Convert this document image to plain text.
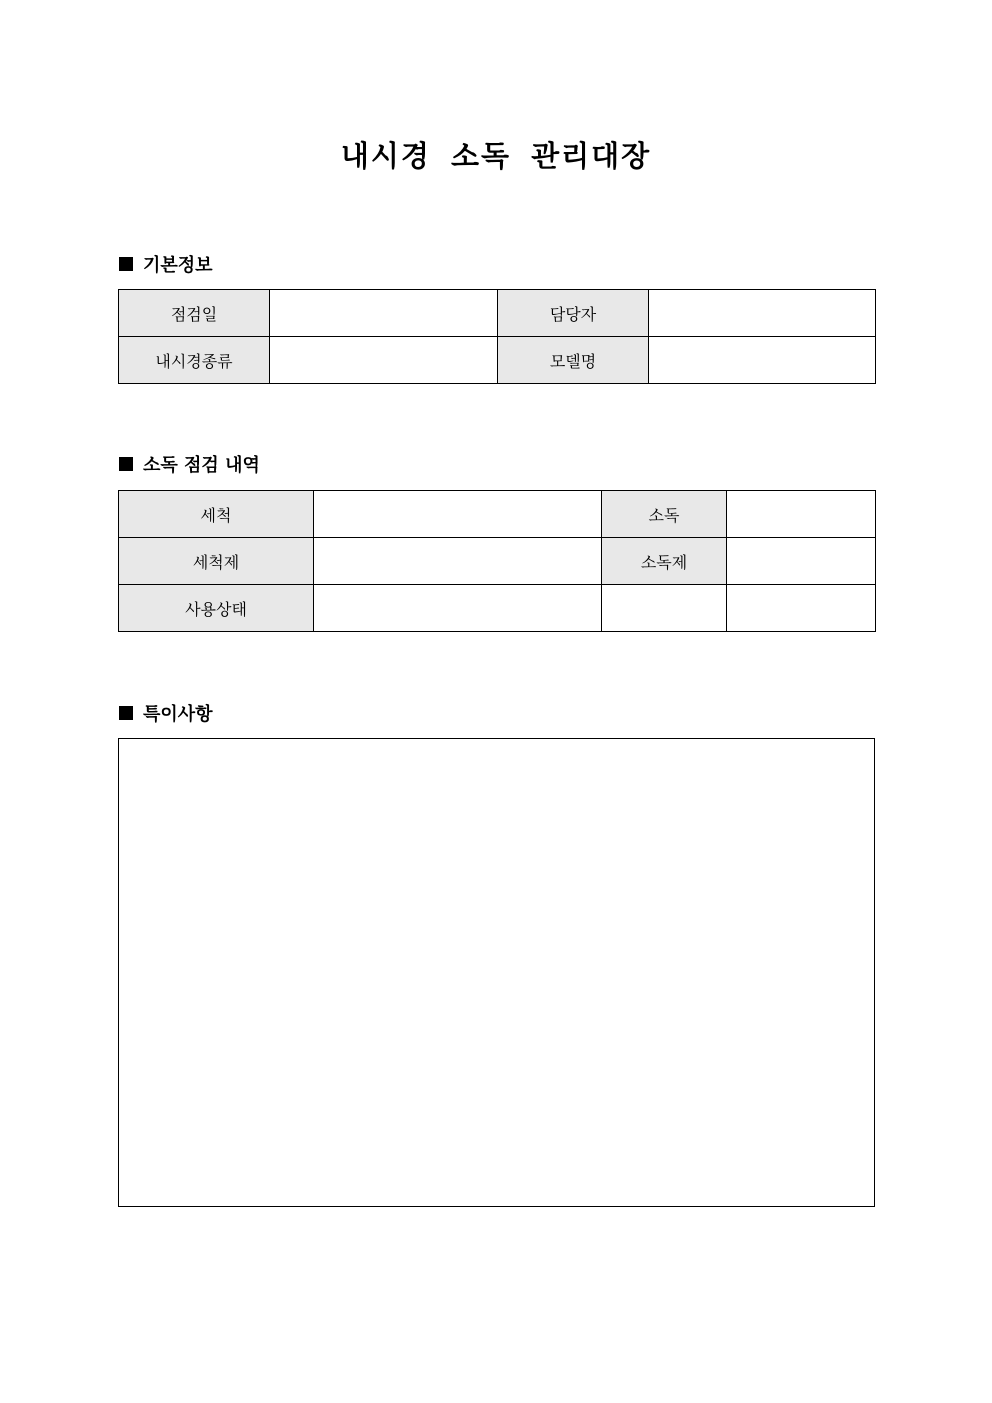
내시경 소독 관리대장
기본정보
점검일		담당자	
내시경종류		모델명	
소독 점검 내역
세척		소독	
세척제		소독제	
사용상태			
특이사항
